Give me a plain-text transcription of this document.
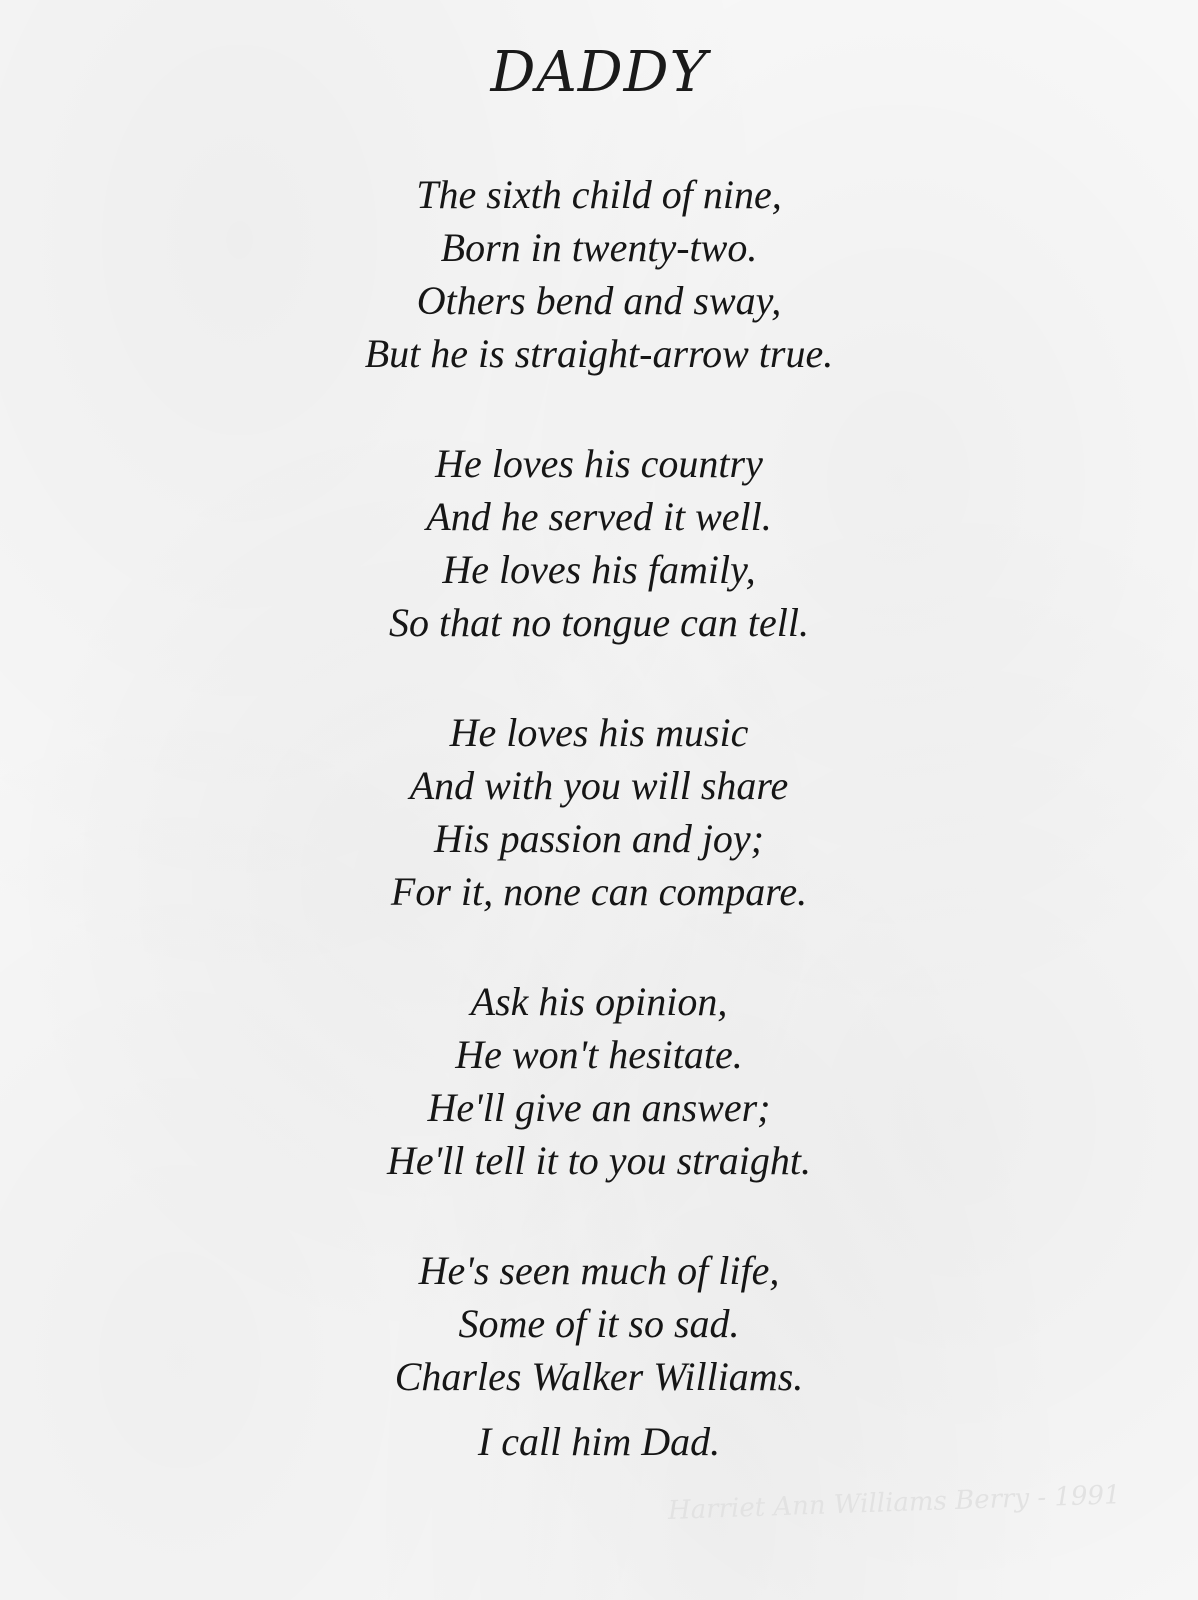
DADDY
The sixth child of nine,
Born in twenty-two.
Others bend and sway,
But he is straight-arrow true.
He loves his country
And he served it well.
He loves his family,
So that no tongue can tell.
He loves his music
And with you will share
His passion and joy;
For it, none can compare.
Ask his opinion,
He won't hesitate.
He'll give an answer;
He'll tell it to you straight.
He's seen much of life,
Some of it so sad.
Charles Walker Williams.
I call him Dad.
Harriet Ann Williams Berry - 1991
